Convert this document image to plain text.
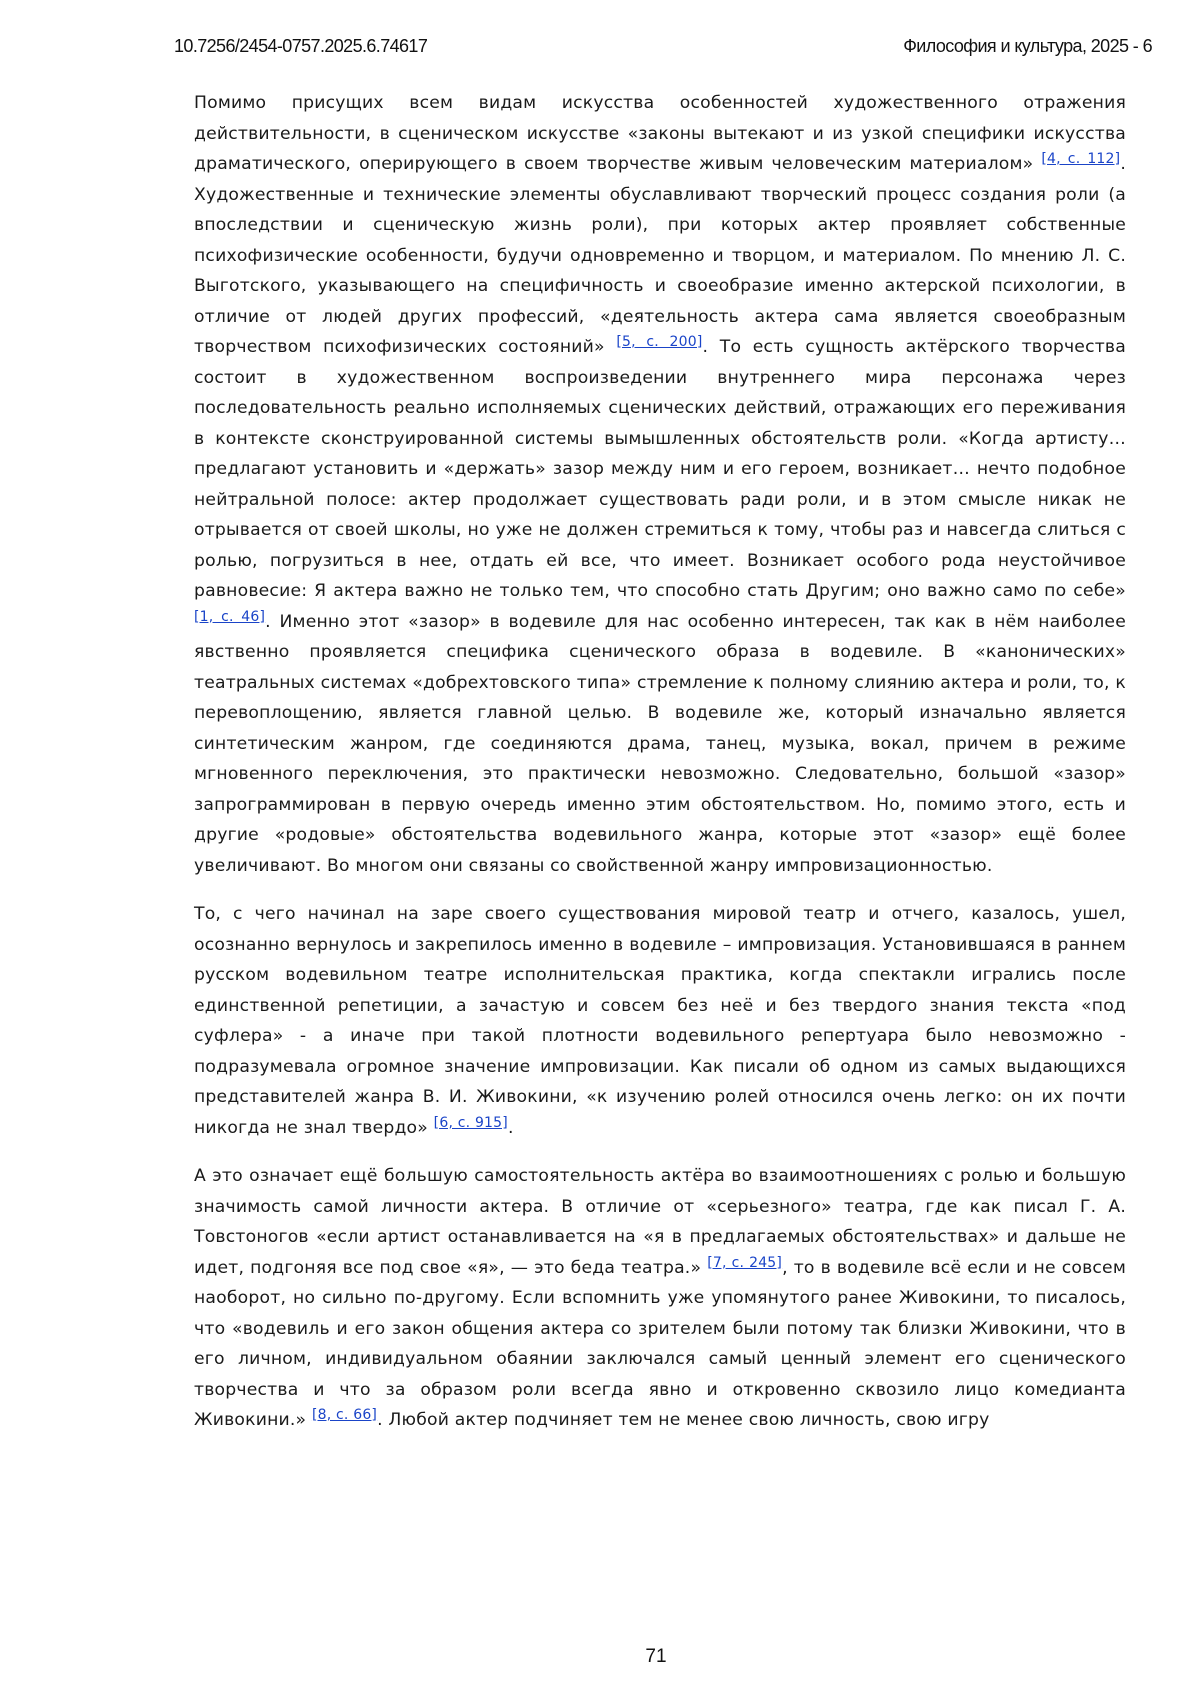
10.7256/2454-0757.2025.6.74617	Философия и культура, 2025 - 6

Помимо присущих всем видам искусства особенностей художественного отражения действительности, в сценическом искусстве «законы вытекают и из узкой специфики искусства драматического, оперирующего в своем творчестве живым человеческим материалом» [4, с. 112]. Художественные и технические элементы обуславливают творческий процесс создания роли (а впоследствии и сценическую жизнь роли), при которых актер проявляет собственные психофизические особенности, будучи одновременно и творцом, и материалом. По мнению Л. С. Выготского, указывающего на специфичность и своеобразие именно актерской психологии, в отличие от людей других профессий, «деятельность актера сама является своеобразным творчеством психофизических состояний» [5, с. 200]. То есть сущность актёрского творчества состоит в художественном воспроизведении внутреннего мира персонажа через последовательность реально исполняемых сценических действий, отражающих его переживания в контексте сконструированной системы вымышленных обстоятельств роли. «Когда артисту… предлагают установить и «держать» зазор между ним и его героем, возникает… нечто подобное нейтральной полосе: актер продолжает существовать ради роли, и в этом смысле никак не отрывается от своей школы, но уже не должен стремиться к тому, чтобы раз и навсегда слиться с ролью, погрузиться в нее, отдать ей все, что имеет. Возникает особого рода неустойчивое равновесие: Я актера важно не только тем, что способно стать Другим; оно важно само по себе» [1, с. 46]. Именно этот «зазор» в водевиле для нас особенно интересен, так как в нём наиболее явственно проявляется специфика сценического образа в водевиле. В «канонических» театральных системах «добрехтовского типа» стремление к полному слиянию актера и роли, то, к перевоплощению, является главной целью. В водевиле же, который изначально является синтетическим жанром, где соединяются драма, танец, музыка, вокал, причем в режиме мгновенного переключения, это практически невозможно. Следовательно, большой «зазор» запрограммирован в первую очередь именно этим обстоятельством. Но, помимо этого, есть и другие «родовые» обстоятельства водевильного жанра, которые этот «зазор» ещё более увеличивают. Во многом они связаны со свойственной жанру импровизационностью.

То, с чего начинал на заре своего существования мировой театр и отчего, казалось, ушел, осознанно вернулось и закрепилось именно в водевиле – импровизация. Установившаяся в раннем русском водевильном театре исполнительская практика, когда спектакли игрались после единственной репетиции, а зачастую и совсем без неё и без твердого знания текста «под суфлера» - а иначе при такой плотности водевильного репертуара было невозможно - подразумевала огромное значение импровизации. Как писали об одном из самых выдающихся представителей жанра В. И. Живокини, «к изучению ролей относился очень легко: он их почти никогда не знал твердо» [6, с. 915].

А это означает ещё большую самостоятельность актёра во взаимоотношениях с ролью и большую значимость самой личности актера. В отличие от «серьезного» театра, где как писал Г. А. Товстоногов «если артист останавливается на «я в предлагаемых обстоятельствах» и дальше не идет, подгоняя все под свое «я», — это беда театра.» [7, с. 245], то в водевиле всё если и не совсем наоборот, но сильно по-другому. Если вспомнить уже упомянутого ранее Живокини, то писалось, что «водевиль и его закон общения актера со зрителем были потому так близки Живокини, что в его личном, индивидуальном обаянии заключался самый ценный элемент его сценического творчества и что за образом роли всегда явно и откровенно сквозило лицо комедианта Живокини.» [8, с. 66]. Любой актер подчиняет тем не менее свою личность, свою игру

71
